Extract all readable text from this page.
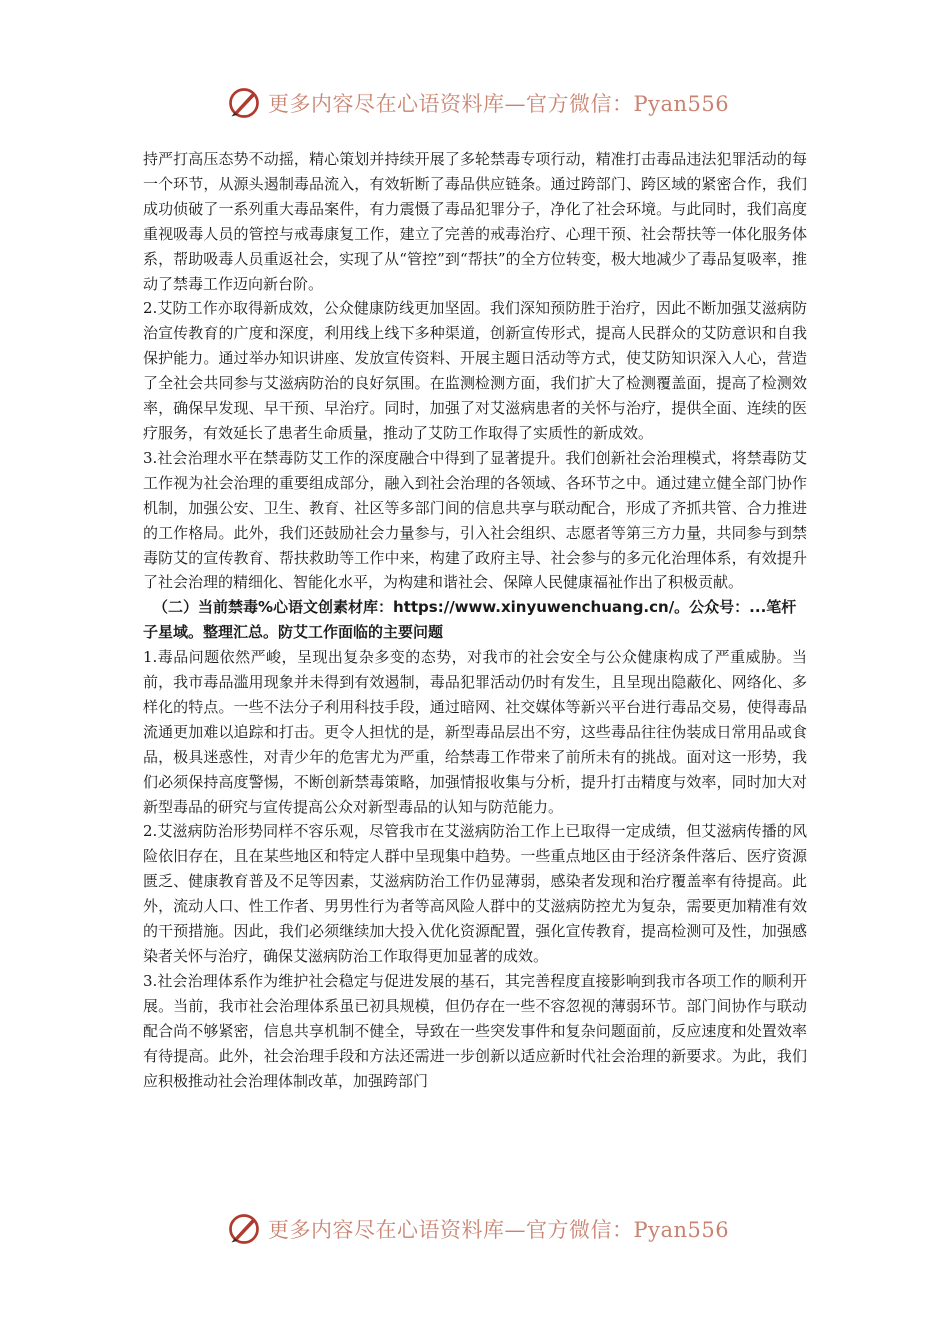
更多内容尽在心语资料库—官方微信：Pyan556

持严打高压态势不动摇，精心策划并持续开展了多轮禁毒专项行动，精准打击毒品违法犯罪活动的每一个环节，从源头遏制毒品流入，有效斩断了毒品供应链条。通过跨部门、跨区域的紧密合作，我们成功侦破了一系列重大毒品案件，有力震慑了毒品犯罪分子，净化了社会环境。与此同时，我们高度重视吸毒人员的管控与戒毒康复工作，建立了完善的戒毒治疗、心理干预、社会帮扶等一体化服务体系，帮助吸毒人员重返社会，实现了从“管控”到“帮扶”的全方位转变，极大地减少了毒品复吸率，推动了禁毒工作迈向新台阶。

2.艾防工作亦取得新成效，公众健康防线更加坚固。我们深知预防胜于治疗，因此不断加强艾滋病防治宣传教育的广度和深度，利用线上线下多种渠道，创新宣传形式，提高人民群众的艾防意识和自我保护能力。通过举办知识讲座、发放宣传资料、开展主题日活动等方式，使艾防知识深入人心，营造了全社会共同参与艾滋病防治的良好氛围。在监测检测方面，我们扩大了检测覆盖面，提高了检测效率，确保早发现、早干预、早治疗。同时，加强了对艾滋病患者的关怀与治疗，提供全面、连续的医疗服务，有效延长了患者生命质量，推动了艾防工作取得了实质性的新成效。

3.社会治理水平在禁毒防艾工作的深度融合中得到了显著提升。我们创新社会治理模式，将禁毒防艾工作视为社会治理的重要组成部分，融入到社会治理的各领域、各环节之中。通过建立健全部门协作机制，加强公安、卫生、教育、社区等多部门间的信息共享与联动配合，形成了齐抓共管、合力推进的工作格局。此外，我们还鼓励社会力量参与，引入社会组织、志愿者等第三方力量，共同参与到禁毒防艾的宣传教育、帮扶救助等工作中来，构建了政府主导、社会参与的多元化治理体系，有效提升了社会治理的精细化、智能化水平，为构建和谐社会、保障人民健康福祉作出了积极贡献。

（二）当前禁毒%心语文创素材库：https://www.xinyuwenchuang.cn/。公众号：...笔杆子星域。整理汇总。防艾工作面临的主要问题

1.毒品问题依然严峻，呈现出复杂多变的态势，对我市的社会安全与公众健康构成了严重威胁。当前，我市毒品滥用现象并未得到有效遏制，毒品犯罪活动仍时有发生，且呈现出隐蔽化、网络化、多样化的特点。一些不法分子利用科技手段，通过暗网、社交媒体等新兴平台进行毒品交易，使得毒品流通更加难以追踪和打击。更令人担忧的是，新型毒品层出不穷，这些毒品往往伪装成日常用品或食品，极具迷惑性，对青少年的危害尤为严重，给禁毒工作带来了前所未有的挑战。面对这一形势，我们必须保持高度警惕，不断创新禁毒策略，加强情报收集与分析，提升打击精度与效率，同时加大对新型毒品的研究与宣传提高公众对新型毒品的认知与防范能力。

2.艾滋病防治形势同样不容乐观，尽管我市在艾滋病防治工作上已取得一定成绩，但艾滋病传播的风险依旧存在，且在某些地区和特定人群中呈现集中趋势。一些重点地区由于经济条件落后、医疗资源匮乏、健康教育普及不足等因素，艾滋病防治工作仍显薄弱，感染者发现和治疗覆盖率有待提高。此外，流动人口、性工作者、男男性行为者等高风险人群中的艾滋病防控尤为复杂，需要更加精准有效的干预措施。因此，我们必须继续加大投入优化资源配置，强化宣传教育，提高检测可及性，加强感染者关怀与治疗，确保艾滋病防治工作取得更加显著的成效。

3.社会治理体系作为维护社会稳定与促进发展的基石，其完善程度直接影响到我市各项工作的顺利开展。当前，我市社会治理体系虽已初具规模，但仍存在一些不容忽视的薄弱环节。部门间协作与联动配合尚不够紧密，信息共享机制不健全，导致在一些突发事件和复杂问题面前，反应速度和处置效率有待提高。此外，社会治理手段和方法还需进一步创新以适应新时代社会治理的新要求。为此，我们应积极推动社会治理体制改革，加强跨部门

更多内容尽在心语资料库—官方微信：Pyan556
